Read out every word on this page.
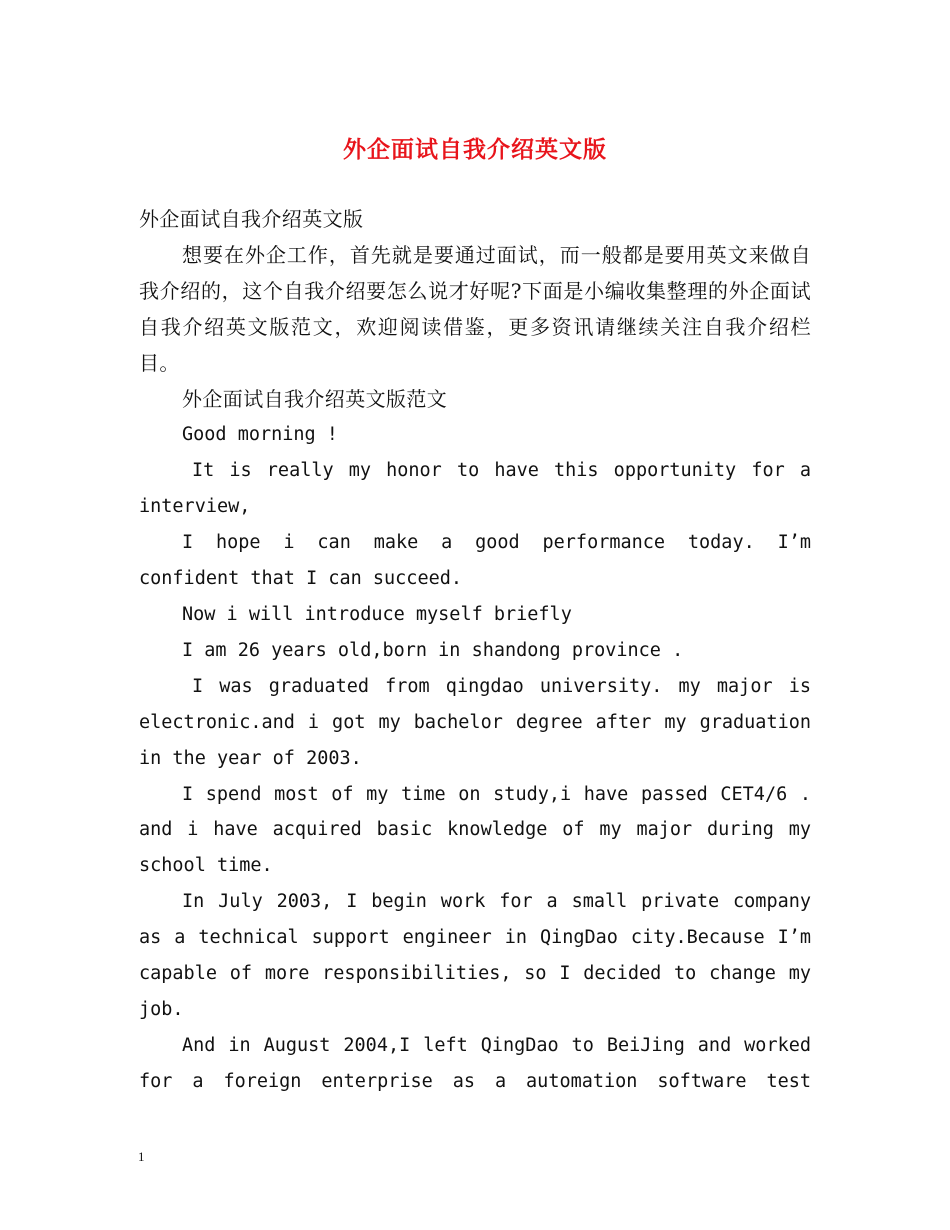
外企面试自我介绍英文版

外企面试自我介绍英文版

想要在外企工作，首先就是要通过面试，而一般都是要用英文来做自我介绍的，这个自我介绍要怎么说才好呢?下面是小编收集整理的外企面试自我介绍英文版范文，欢迎阅读借鉴，更多资讯请继续关注自我介绍栏目。

外企面试自我介绍英文版范文

Good morning !

It is really my honor to have this opportunity for a interview,

I hope i can make a good performance today. I’m confident that I can succeed.

Now i will introduce myself briefly

I am 26 years old,born in shandong province .

I was graduated from qingdao university. my major is electronic.and i got my bachelor degree after my graduation in the year of 2003.

I spend most of my time on study,i have passed CET4/6 . and i have acquired basic knowledge of my major during my school time.

In July 2003, I begin work for a small private company as a technical support engineer in QingDao city.Because I’m capable of more responsibilities, so I decided to change my job.

And in August 2004,I left QingDao to BeiJing and worked for a foreign enterprise as a automation software test

1
